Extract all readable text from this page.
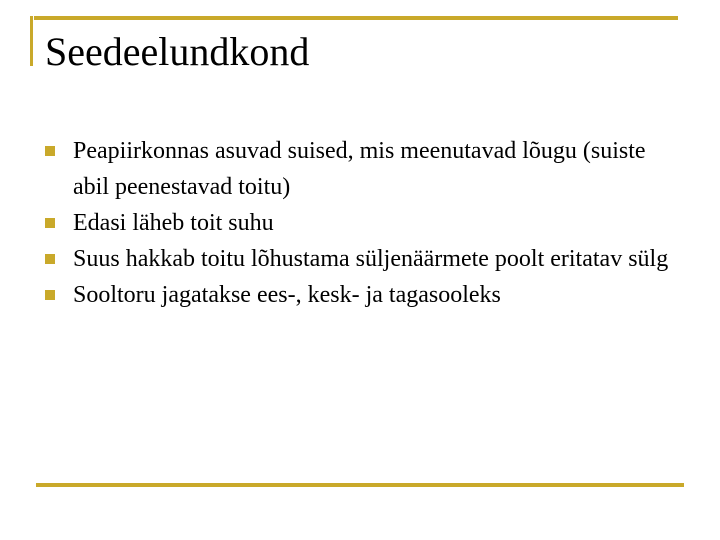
Seedeelundkond
Peapiirkonnas asuvad suised, mis meenutavad lõugu (suiste abil peenestavad toitu)
Edasi läheb toit suhu
Suus hakkab toitu lõhustama süljenäärmete poolt eritatav sülg
Sooltoru jagatakse ees-, kesk- ja tagasooleks
